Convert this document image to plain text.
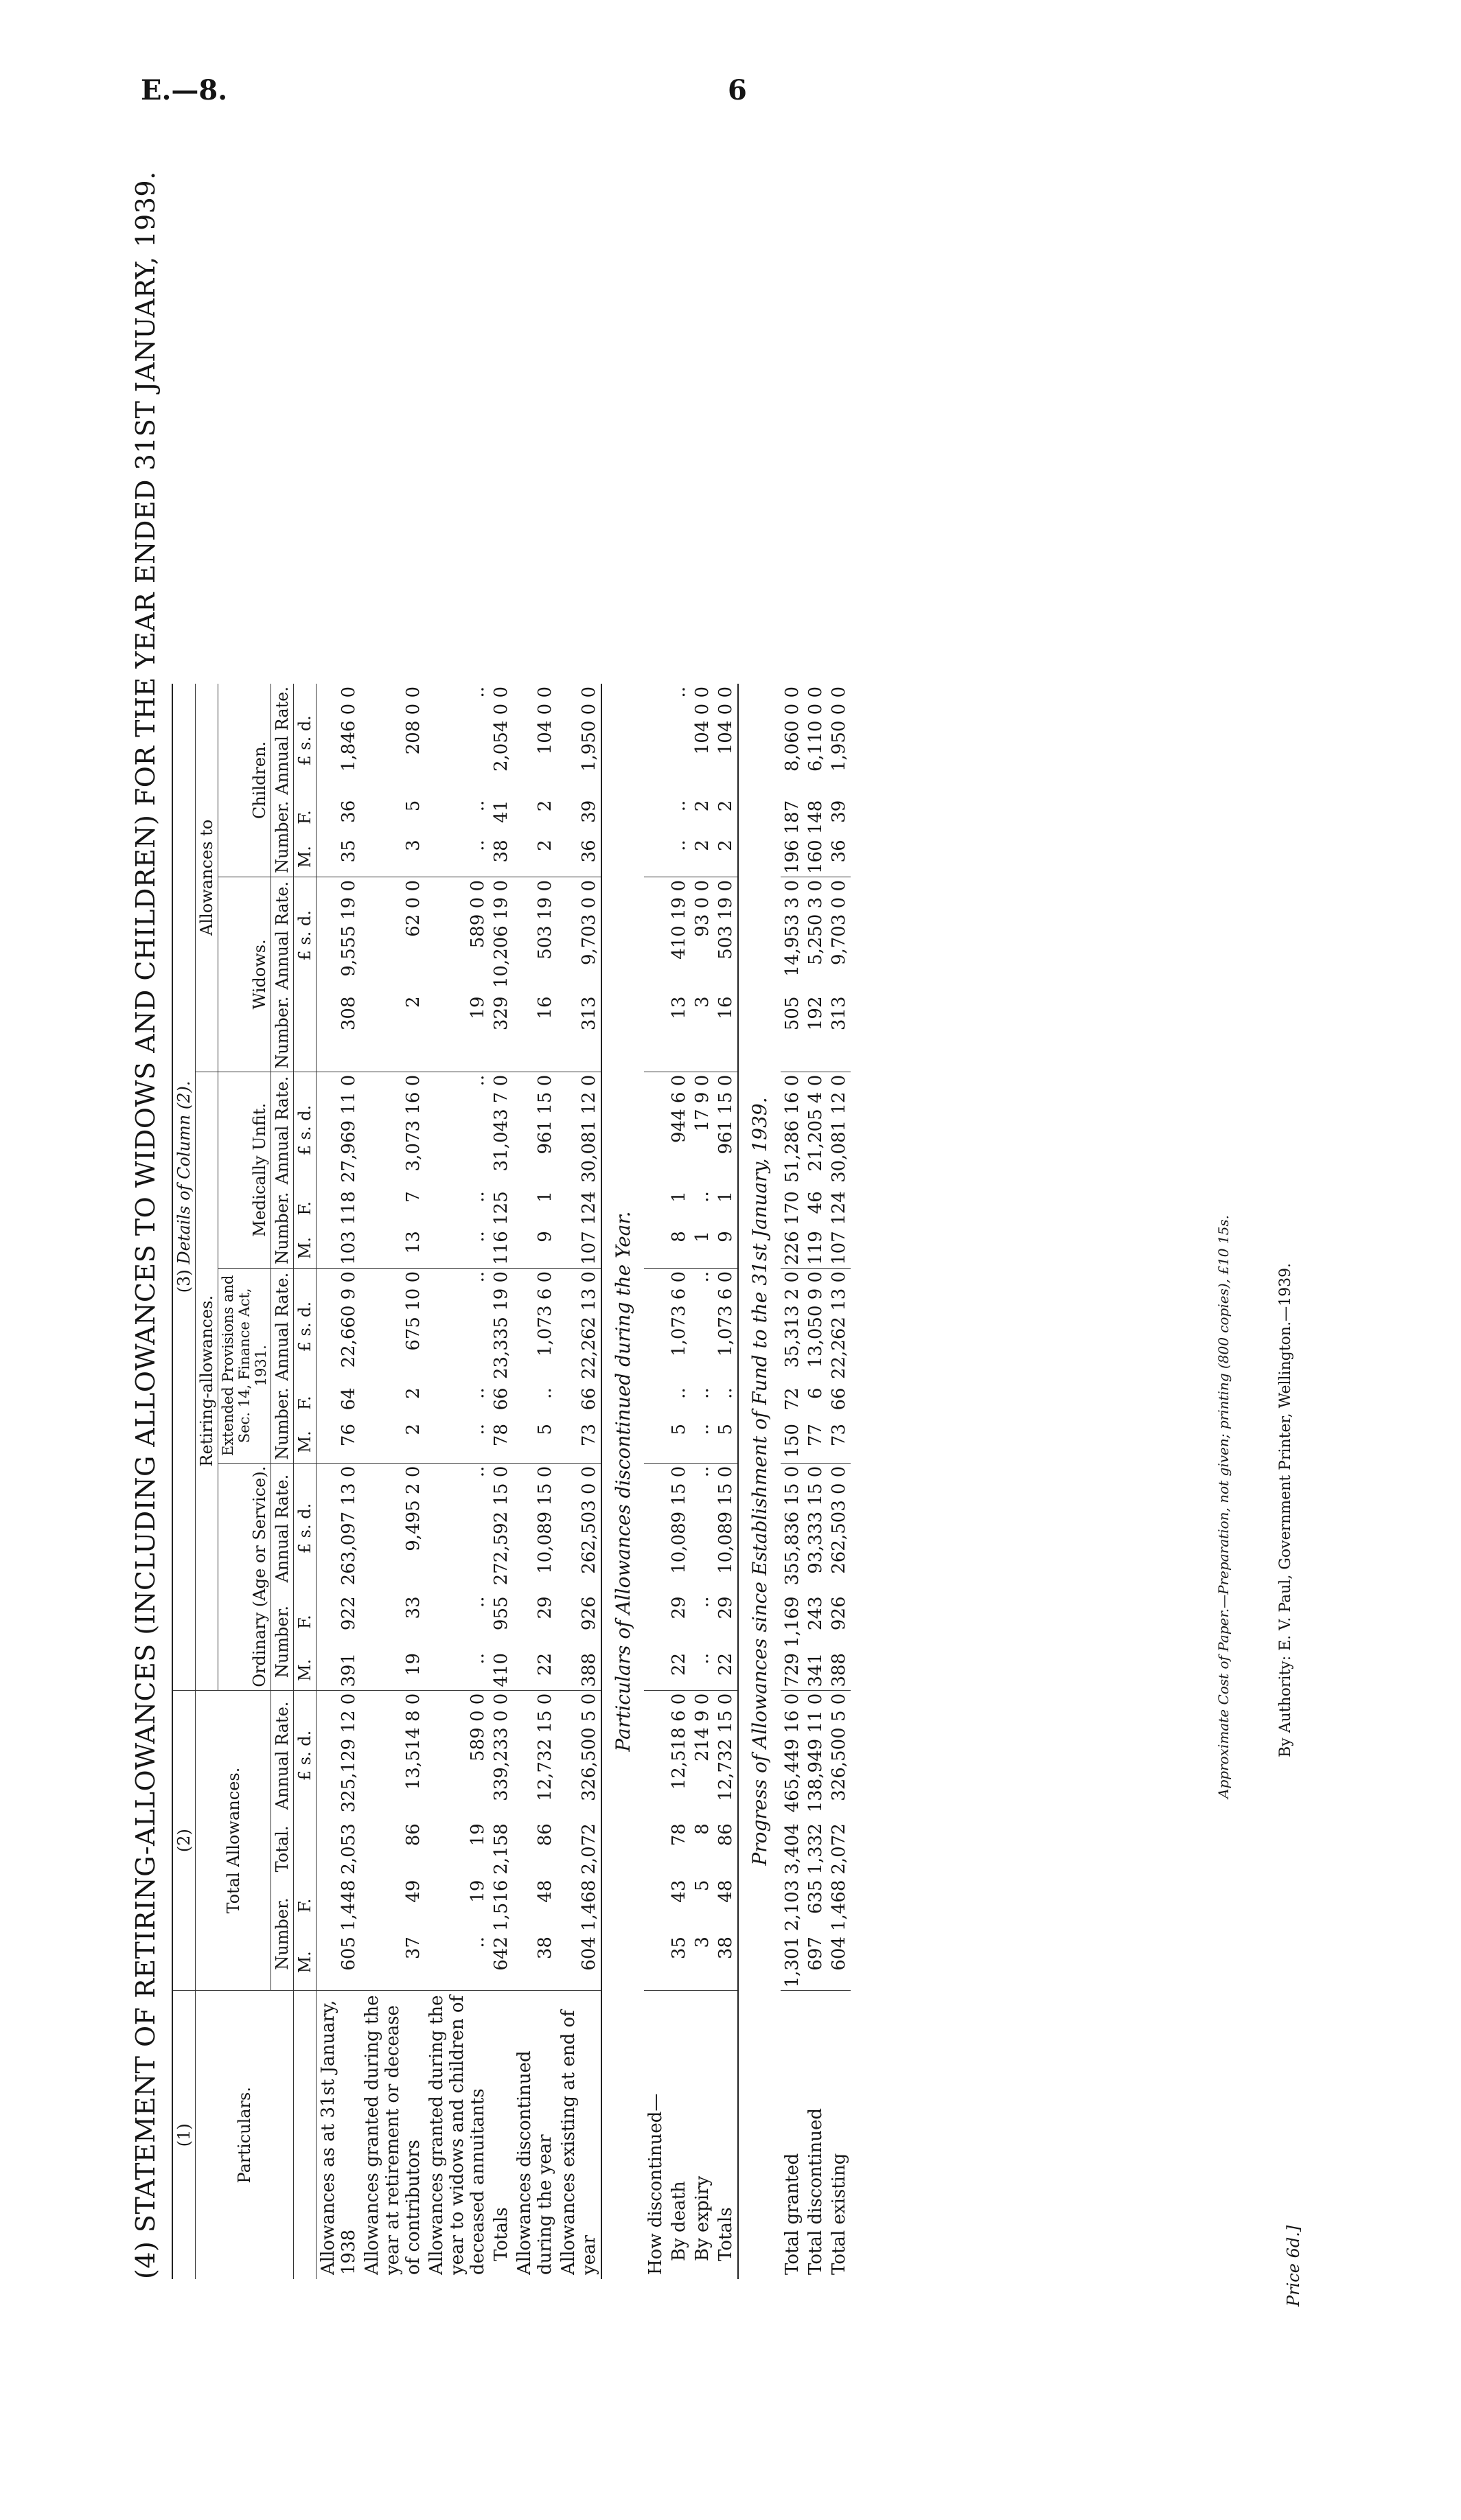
E.—8.	6
(4) STATEMENT OF RETIRING-ALLOWANCES (INCLUDING ALLOWANCES TO WIDOWS AND CHILDREN) FOR THE YEAR ENDED 31ST JANUARY, 1939. (1)	(2)				(3) Details of Column (2).													
Particulars.	Total Allowances.				Retiring-allowances.									Allowances to				
					Ordinary (Age or Service).			Extended Provisions and Sec. 14, Finance Act, 1931.			Medically Unfit.			Widows.		Children.		
	Number.		Total.	Annual Rate.	Number.		Annual Rate.	Number.		Annual Rate.	Number.		Annual Rate.	Number.	Annual Rate.	Number.		Annual Rate.
	M.	F.		£ s. d.	M.	F.	£ s. d.	M.	F.	£ s. d.	M.	F.	£ s. d.		£ s. d.	M.	F.	£ s. d.
Allowances as at 31st January, 1938	605	1,448	2,053	325,129 12 0	391	922	263,097 13 0	76	64	22,660 9 0	103	118	27,969 11 0	308	9,555 19 0	35	36	1,846 0 0
Allowances granted during the year at retirement or decease of contributors	37	49	86	13,514 8 0	19	33	9,495 2 0	2	2	675 10 0	13	7	3,073 16 0	2	62 0 0	3	5	208 0 0
Allowances granted during the year to widows and children of deceased annuitants	..	19	19	589 0 0	..	..	..	..	..	..	..	..	..	19	589 0 0	..	..	..
Totals	642	1,516	2,158	339,233 0 0	410	955	272,592 15 0	78	66	23,335 19 0	116	125	31,043 7 0	329	10,206 19 0	38	41	2,054 0 0
Allowances discontinued during the year	38	48	86	12,732 15 0	22	29	10,089 15 0	5	..	1,073 6 0	9	1	961 15 0	16	503 19 0	2	2	104 0 0
Allowances existing at end of year	604	1,468	2,072	326,500 5 0	388	926	262,503 0 0	73	66	22,262 13 0	107	124	30,081 12 0	313	9,703 0 0	36	39	1,950 0 0
Particulars of Allowances discontinued during the Year.																		
How discontinued—																		
By death	35	43	78	12,518 6 0	22	29	10,089 15 0	5	..	1,073 6 0	8	1	944 6 0	13	410 19 0	..	..	..
By expiry	3	5	8	214 9 0	..	..	..	..	..	..	1	..	17 9 0	3	93 0 0	2	2	104 0 0
Totals	38	48	86	12,732 15 0	22	29	10,089 15 0	5	..	1,073 6 0	9	1	961 15 0	16	503 19 0	2	2	104 0 0
Progress of Allowances since Establishment of Fund to the 31st January, 1939.																		
Total granted	1,301	2,103	3,404	465,449 16 0	729	1,169	355,836 15 0	150	72	35,313 2 0	226	170	51,286 16 0	505	14,953 3 0	196	187	8,060 0 0
Total discontinued	697	635	1,332	138,949 11 0	341	243	93,333 15 0	77	6	13,050 9 0	119	46	21,205 4 0	192	5,250 3 0	160	148	6,110 0 0
Total existing	604	1,468	2,072	326,500 5 0	388	926	262,503 0 0	73	66	22,262 13 0	107	124	30,081 12 0	313	9,703 0 0	36	39	1,950 0 0
Approximate Cost of Paper.—Preparation, not given; printing (800 copies), £10 15s.	By Authority: E. V. Paul, Government Printer, Wellington.—1939.
Price 6d.]
